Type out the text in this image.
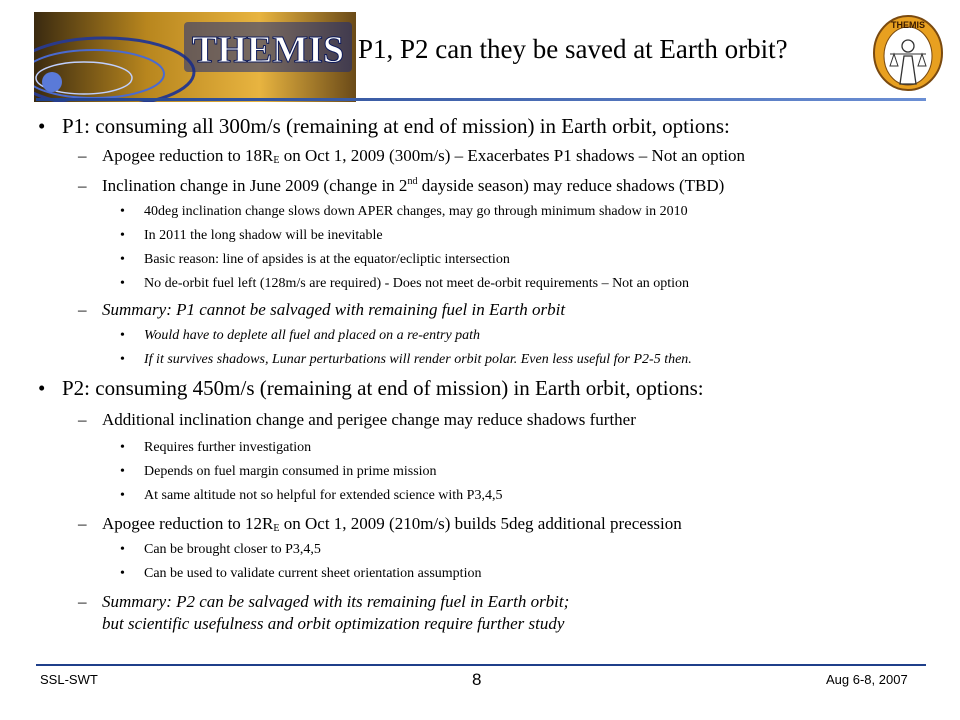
THEMIS P1, P2 can they be saved at Earth orbit?
THEMIS
• P1: consuming all 300m/s (remaining at end of mission) in Earth orbit, options:
– Apogee reduction to $18R_E$ on Oct 1, 2009 (300m/s) – Exacerbates P1 shadows – Not an option
– Inclination change in June 2009 (change in 2nd dayside season) may reduce shadows (TBD)
• 40deg inclination change slows down APER changes, may go through minimum shadow in 2010
• In 2011 the long shadow will be inevitable
• Basic reason: line of apsides is at the equator/ecliptic intersection
• No de-orbit fuel left (128m/s are required) - Does not meet de-orbit requirements – Not an option
– Summary: P1 cannot be salvaged with remaining fuel in Earth orbit
• Would have to deplete all fuel and placed on a re-entry path
• If it survives shadows, Lunar perturbations will render orbit polar. Even less useful for P2-5 then.
• P2: consuming 450m/s (remaining at end of mission) in Earth orbit, options:
– Additional inclination change and perigee change may reduce shadows further
• Requires further investigation
• Depends on fuel margin consumed in prime mission
• At same altitude not so helpful for extended science with P3,4,5
– Apogee reduction to $12R_E$ on Oct 1, 2009 (210m/s) builds 5deg additional precession
• Can be brought closer to P3,4,5
• Can be used to validate current sheet orientation assumption
– Summary: P2 can be salvaged with its remaining fuel in Earth orbit;
but scientific usefulness and orbit optimization require further study
SSL-SWT	8	Aug 6-8, 2007
